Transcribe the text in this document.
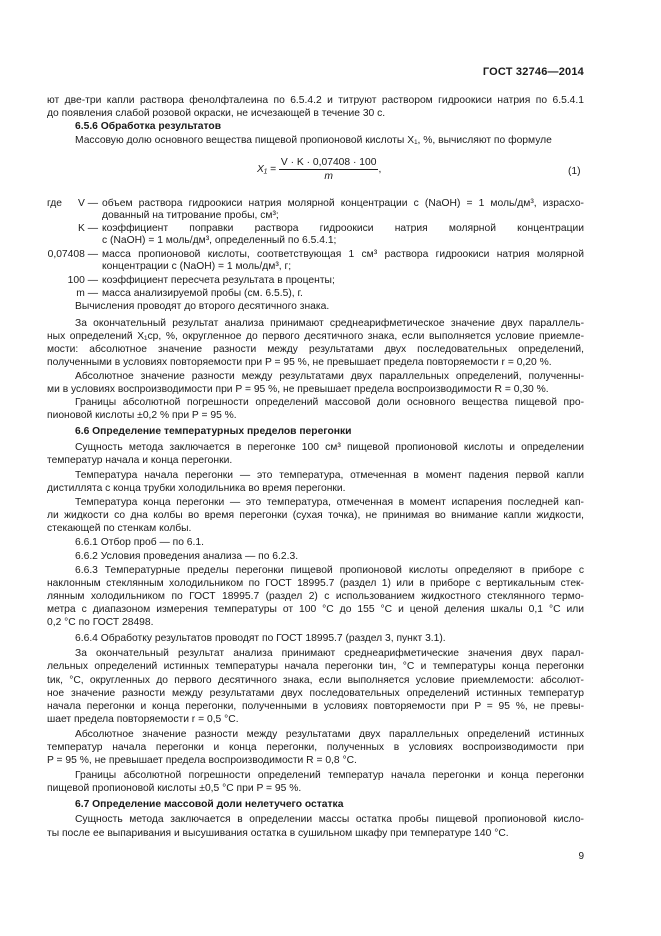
ГОСТ 32746—2014
ют две-три капли раствора фенолфталеина по 6.5.4.2 и титруют раствором гидроокиси натрия по 6.5.4.1
до появления слабой розовой окраски, не исчезающей в течение 30 с.
6.5.6 Обработка результатов
Массовую долю основного вещества пищевой пропионовой кислоты X₁, %, вычисляют по формуле
$X_1 = \frac{V \cdot K \cdot 0,07408 \cdot 100}{m}$ ,	(1)
где	V — объем раствора гидроокиси натрия молярной концентрации c (NaOH) = 1 моль/дм³, израсхо-
дованный на титрование пробы, см³;
K — коэффициент поправки раствора гидроокиси натрия молярной концентрации
c (NaOH) = 1 моль/дм³, определенный по 6.5.4.1;
0,07408 — масса пропионовой кислоты, соответствующая 1 см³ раствора гидроокиси натрия молярной
концентрации c (NaOH) = 1 моль/дм³, г;
100 — коэффициент пересчета результата в проценты;
m — масса анализируемой пробы (см. 6.5.5), г.
Вычисления проводят до второго десятичного знака.
За окончательный результат анализа принимают среднеарифметическое значение двух параллель-
ных определений X₁ср, %, округленное до первого десятичного знака, если выполняется условие приемле-
мости: абсолютное значение разности между результатами двух последовательных определений,
полученными в условиях повторяемости при P = 95 %, не превышает предела повторяемости r = 0,20 %.
Абсолютное значение разности между результатами двух параллельных определений, полученны-
ми в условиях воспроизводимости при P = 95 %, не превышает предела воспроизводимости R = 0,30 %.
Границы абсолютной погрешности определений массовой доли основного вещества пищевой про-
пионовой кислоты ±0,2 % при P = 95 %.
6.6 Определение температурных пределов перегонки
Сущность метода заключается в перегонке 100 см³ пищевой пропионовой кислоты и определении
температур начала и конца перегонки.
Температура начала перегонки — это температура, отмеченная в момент падения первой капли
дистиллята с конца трубки холодильника во время перегонки.
Температура конца перегонки — это температура, отмеченная в момент испарения последней кап-
ли жидкости со дна колбы во время перегонки (сухая точка), не принимая во внимание капли жидкости,
стекающей по стенкам колбы.
6.6.1 Отбор проб — по 6.1.
6.6.2 Условия проведения анализа — по 6.2.3.
6.6.3 Температурные пределы перегонки пищевой пропионовой кислоты определяют в приборе с
наклонным стеклянным холодильником по ГОСТ 18995.7 (раздел 1) или в приборе с вертикальным стек-
лянным холодильником по ГОСТ 18995.7 (раздел 2) с использованием жидкостного стеклянного термо-
метра с диапазоном измерения температуры от 100 °C до 155 °C и ценой деления шкалы 0,1 °C или
0,2 °C по ГОСТ 28498.
6.6.4 Обработку результатов проводят по ГОСТ 18995.7 (раздел 3, пункт 3.1).
За окончательный результат анализа принимают среднеарифметические значения двух парал-
лельных определений истинных температуры начала перегонки tин, °C и температуры конца перегонки
tик, °C, округленных до первого десятичного знака, если выполняется условие приемлемости: абсолют-
ное значение разности между результатами двух последовательных определений истинных температур
начала перегонки и конца перегонки, полученными в условиях повторяемости при P = 95 %, не превы-
шает предела повторяемости r = 0,5 °C.
Абсолютное значение разности между результатами двух параллельных определений истинных
температур начала перегонки и конца перегонки, полученных в условиях воспроизводимости при
P = 95 %, не превышает предела воспроизводимости R = 0,8 °C.
Границы абсолютной погрешности определений температур начала перегонки и конца перегонки
пищевой пропионовой кислоты ±0,5 °C при P = 95 %.
6.7 Определение массовой доли нелетучего остатка
Сущность метода заключается в определении массы остатка пробы пищевой пропионовой кисло-
ты после ее выпаривания и высушивания остатка в сушильном шкафу при температуре 140 °C.
9
